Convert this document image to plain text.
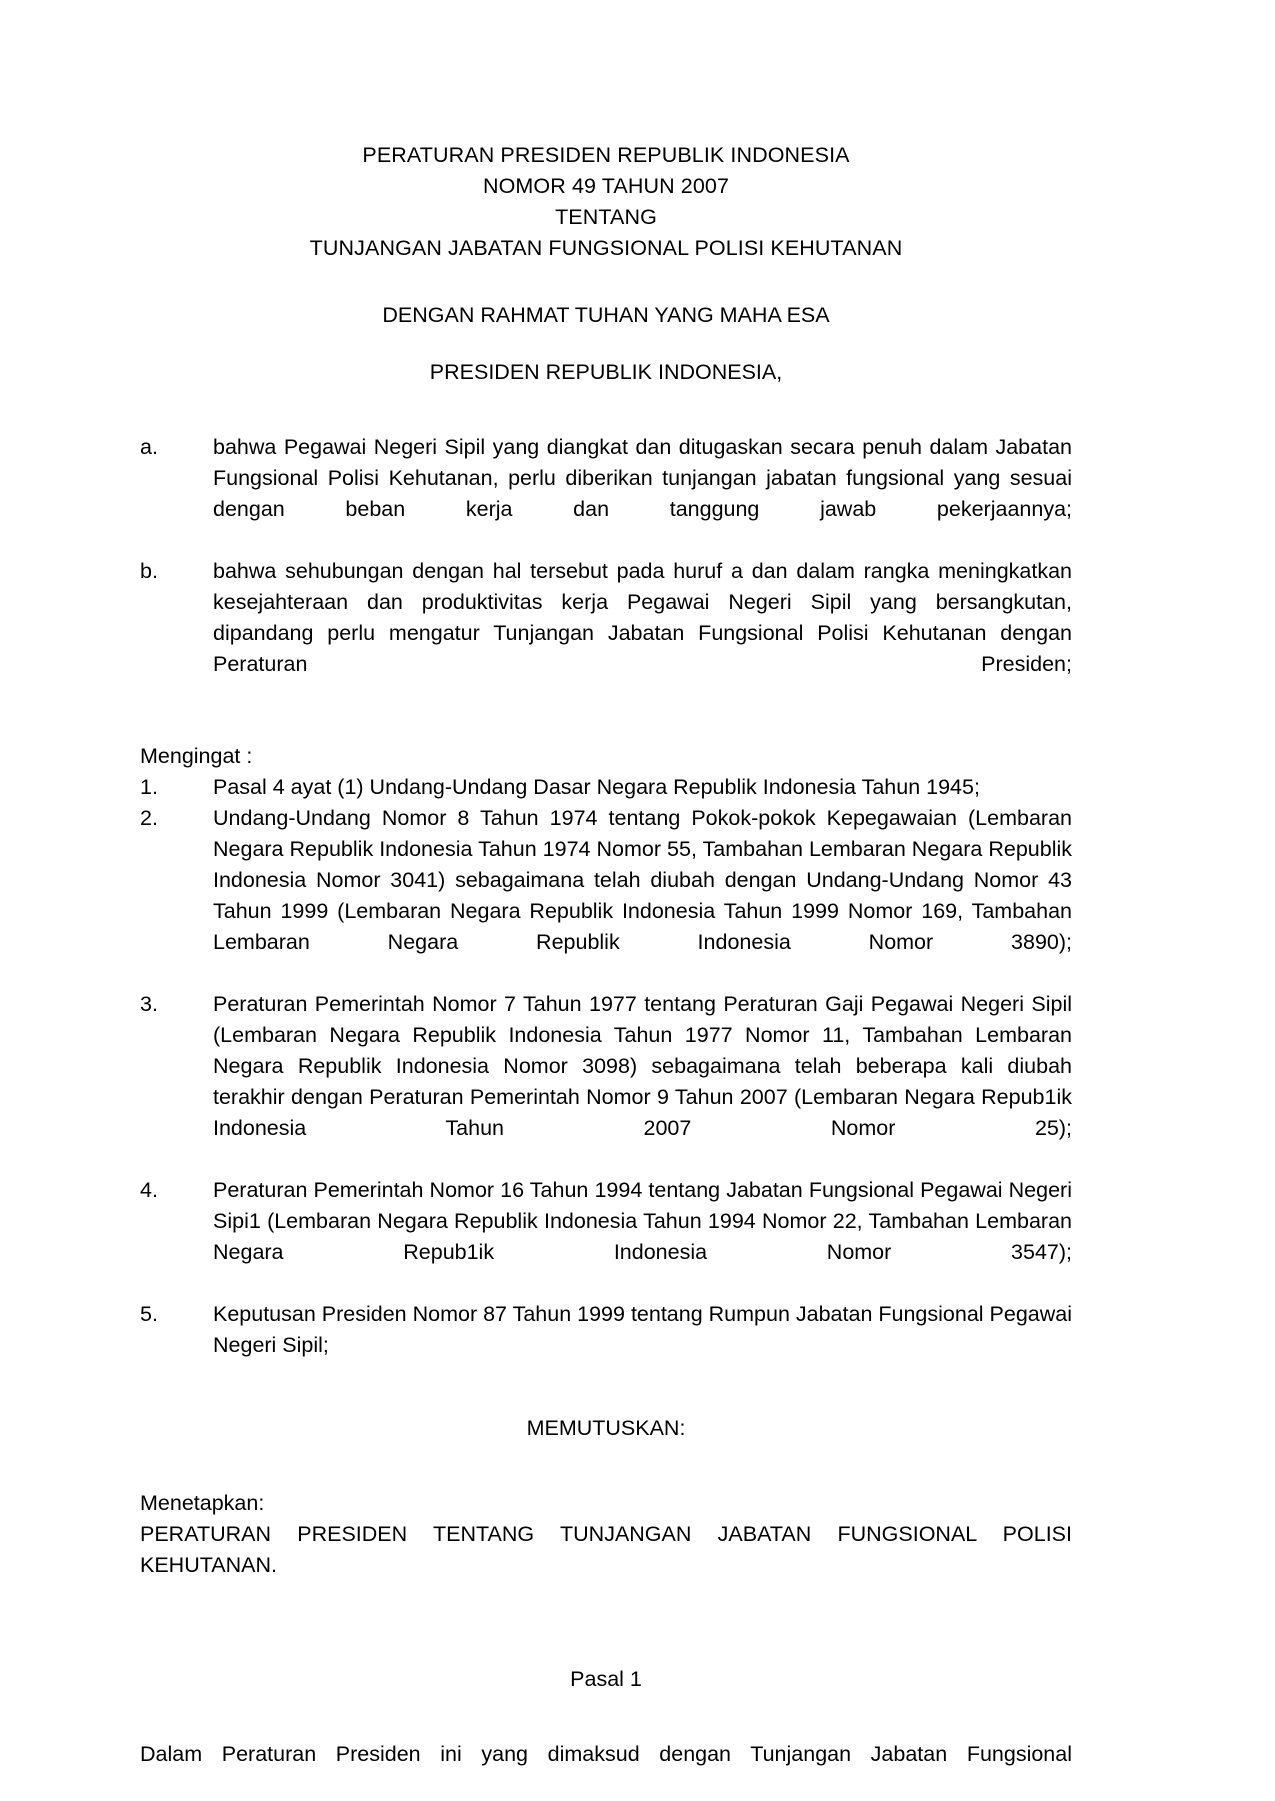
PERATURAN PRESIDEN REPUBLIK INDONESIA
NOMOR 49 TAHUN 2007
TENTANG
TUNJANGAN JABATAN FUNGSIONAL POLISI KEHUTANAN
DENGAN RAHMAT TUHAN YANG MAHA ESA
PRESIDEN REPUBLIK INDONESIA,
a.	bahwa Pegawai Negeri Sipil yang diangkat dan ditugaskan secara penuh dalam Jabatan Fungsional Polisi Kehutanan, perlu diberikan tunjangan jabatan fungsional yang sesuai dengan beban kerja dan tanggung jawab pekerjaannya;
b.	bahwa sehubungan dengan hal tersebut pada huruf a dan dalam rangka meningkatkan kesejahteraan dan produktivitas kerja Pegawai Negeri Sipil yang bersangkutan, dipandang perlu mengatur Tunjangan Jabatan Fungsional Polisi Kehutanan dengan Peraturan Presiden;
Mengingat :
1.	Pasal 4 ayat (1) Undang-Undang Dasar Negara Republik Indonesia Tahun 1945;
2.	Undang-Undang Nomor 8 Tahun 1974 tentang Pokok-pokok Kepegawaian (Lembaran Negara Republik Indonesia Tahun 1974 Nomor 55, Tambahan Lembaran Negara Republik Indonesia Nomor 3041) sebagaimana telah diubah dengan Undang-Undang Nomor 43 Tahun 1999 (Lembaran Negara Republik Indonesia Tahun 1999 Nomor 169, Tambahan Lembaran Negara Republik Indonesia Nomor 3890);
3.	Peraturan Pemerintah Nomor 7 Tahun 1977 tentang Peraturan Gaji Pegawai Negeri Sipil (Lembaran Negara Republik Indonesia Tahun 1977 Nomor 11, Tambahan Lembaran Negara Republik Indonesia Nomor 3098) sebagaimana telah beberapa kali diubah terakhir dengan Peraturan Pemerintah Nomor 9 Tahun 2007 (Lembaran Negara Repub1ik Indonesia Tahun 2007 Nomor 25);
4.	Peraturan Pemerintah Nomor 16 Tahun 1994 tentang Jabatan Fungsional Pegawai Negeri Sipi1 (Lembaran Negara Republik Indonesia Tahun 1994 Nomor 22, Tambahan Lembaran Negara Repub1ik Indonesia Nomor 3547);
5.	Keputusan Presiden Nomor 87 Tahun 1999 tentang Rumpun Jabatan Fungsional Pegawai Negeri Sipil;
MEMUTUSKAN:
Menetapkan:
PERATURAN PRESIDEN TENTANG TUNJANGAN JABATAN FUNGSIONAL POLISI KEHUTANAN.
Pasal 1
Dalam Peraturan Presiden ini yang dimaksud dengan Tunjangan Jabatan Fungsional
